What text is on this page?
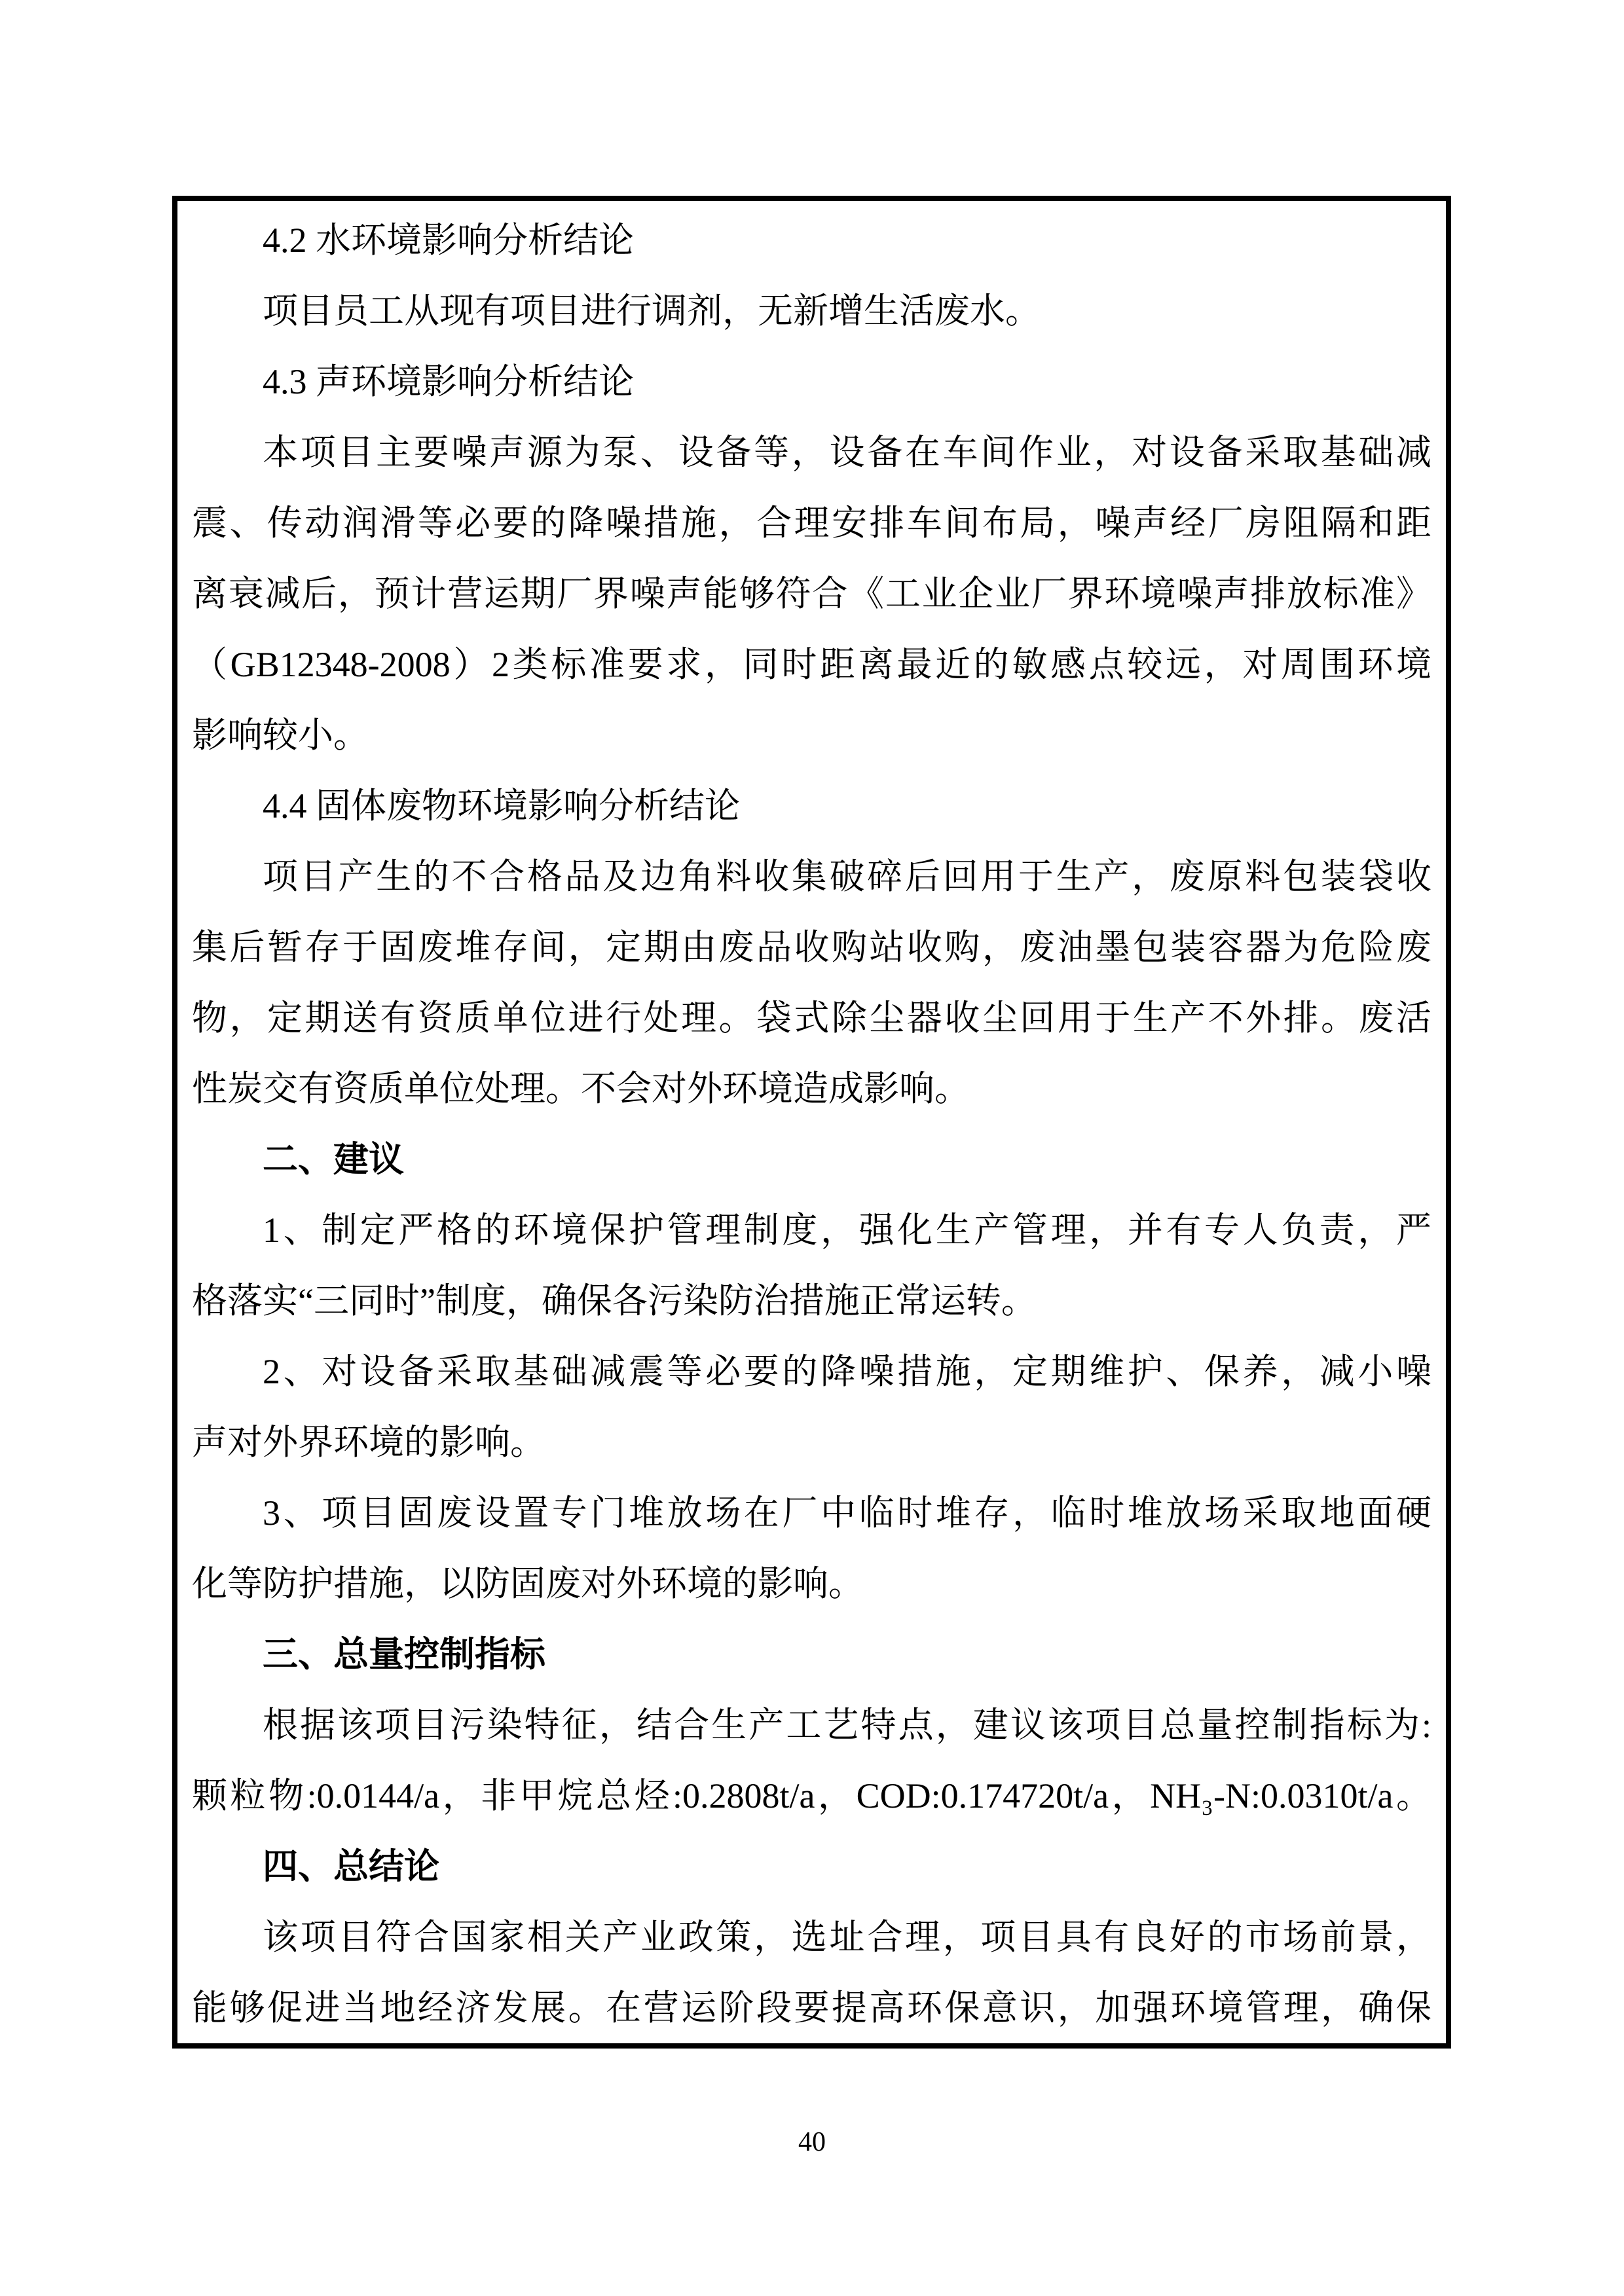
4.2 水环境影响分析结论
项目员工从现有项目进行调剂，无新增生活废水。
4.3 声环境影响分析结论
本项目主要噪声源为泵、设备等，设备在车间作业，对设备采取基础减
震、传动润滑等必要的降噪措施，合理安排车间布局，噪声经厂房阻隔和距
离衰减后，预计营运期厂界噪声能够符合《工业企业厂界环境噪声排放标准》
（GB12348-2008）2类标准要求，同时距离最近的敏感点较远，对周围环境
影响较小。
4.4 固体废物环境影响分析结论
项目产生的不合格品及边角料收集破碎后回用于生产，废原料包装袋收
集后暂存于固废堆存间，定期由废品收购站收购，废油墨包装容器为危险废
物，定期送有资质单位进行处理。袋式除尘器收尘回用于生产不外排。废活
性炭交有资质单位处理。不会对外环境造成影响。
二、建议
1、制定严格的环境保护管理制度，强化生产管理，并有专人负责，严
格落实“三同时”制度，确保各污染防治措施正常运转。
2、对设备采取基础减震等必要的降噪措施，定期维护、保养，减小噪
声对外界环境的影响。
3、项目固废设置专门堆放场在厂中临时堆存，临时堆放场采取地面硬
化等防护措施，以防固废对外环境的影响。
三、总量控制指标
根据该项目污染特征，结合生产工艺特点，建议该项目总量控制指标为:
颗粒物:0.0144/a，非甲烷总烃:0.2808t/a，COD:0.174720t/a，NH₃-N:0.0310t/a。
四、总结论
该项目符合国家相关产业政策，选址合理，项目具有良好的市场前景，
能够促进当地经济发展。在营运阶段要提高环保意识，加强环境管理，确保
40
